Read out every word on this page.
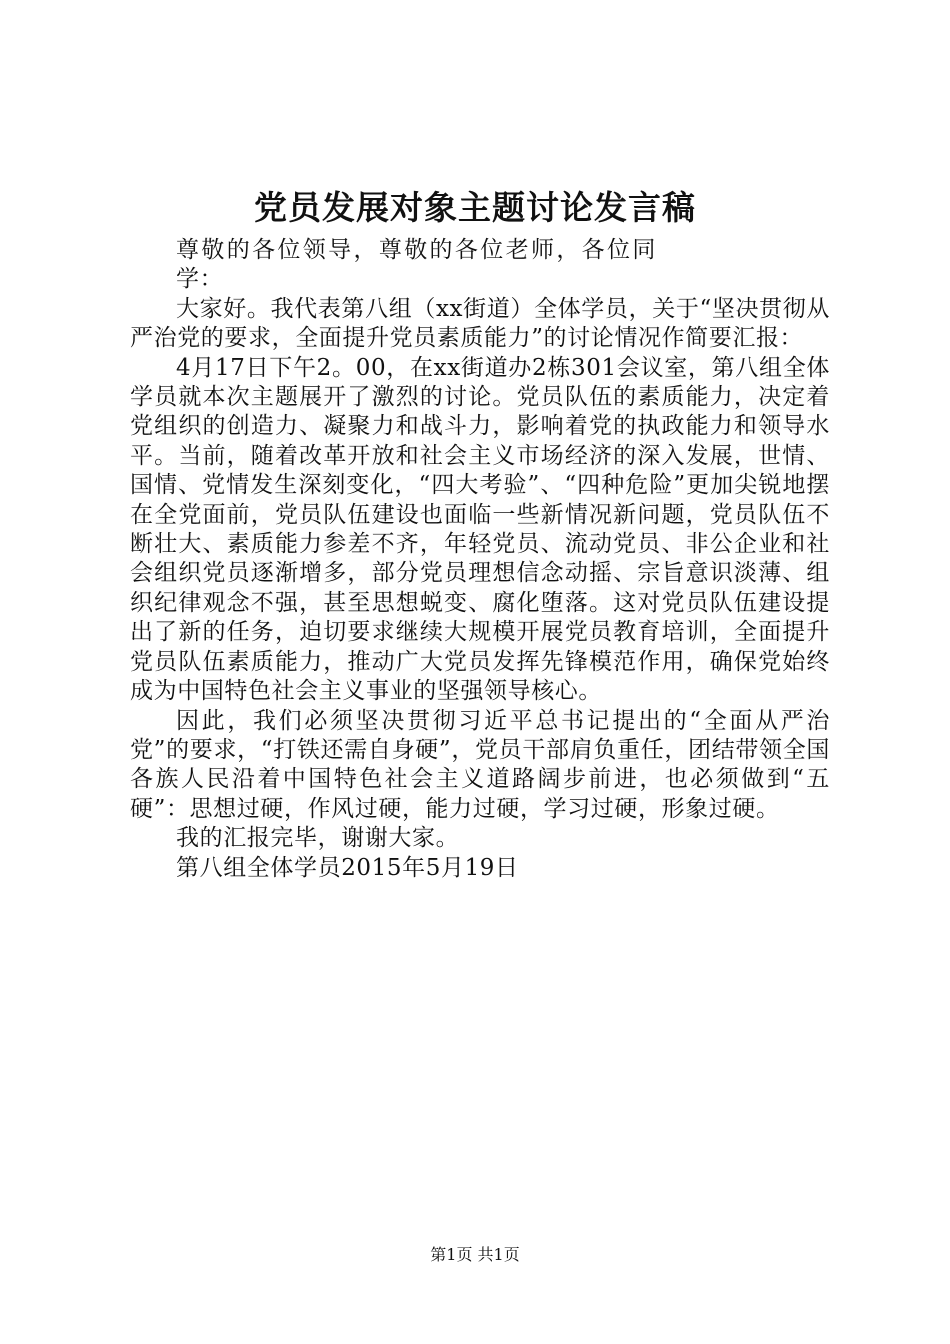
党员发展对象主题讨论发言稿

尊敬的各位领导，尊敬的各位老师，各位同学：

大家好。我代表第八组（xx街道）全体学员，关于“坚决贯彻从严治党的要求，全面提升党员素质能力”的讨论情况作简要汇报：

4月17日下午2。00，在xx街道办2栋301会议室，第八组全体学员就本次主题展开了激烈的讨论。党员队伍的素质能力，决定着党组织的创造力、凝聚力和战斗力，影响着党的执政能力和领导水平。当前，随着改革开放和社会主义市场经济的深入发展，世情、国情、党情发生深刻变化，“四大考验”、“四种危险”更加尖锐地摆在全党面前，党员队伍建设也面临一些新情况新问题，党员队伍不断壮大、素质能力参差不齐，年轻党员、流动党员、非公企业和社会组织党员逐渐增多，部分党员理想信念动摇、宗旨意识淡薄、组织纪律观念不强，甚至思想蜕变、腐化堕落。这对党员队伍建设提出了新的任务，迫切要求继续大规模开展党员教育培训，全面提升党员队伍素质能力，推动广大党员发挥先锋模范作用，确保党始终成为中国特色社会主义事业的坚强领导核心。

因此，我们必须坚决贯彻习近平总书记提出的“全面从严治党”的要求，“打铁还需自身硬”，党员干部肩负重任，团结带领全国各族人民沿着中国特色社会主义道路阔步前进，也必须做到“五硬”：思想过硬，作风过硬，能力过硬，学习过硬，形象过硬。

我的汇报完毕，谢谢大家。

第八组全体学员2015年5月19日

第1页 共1页
